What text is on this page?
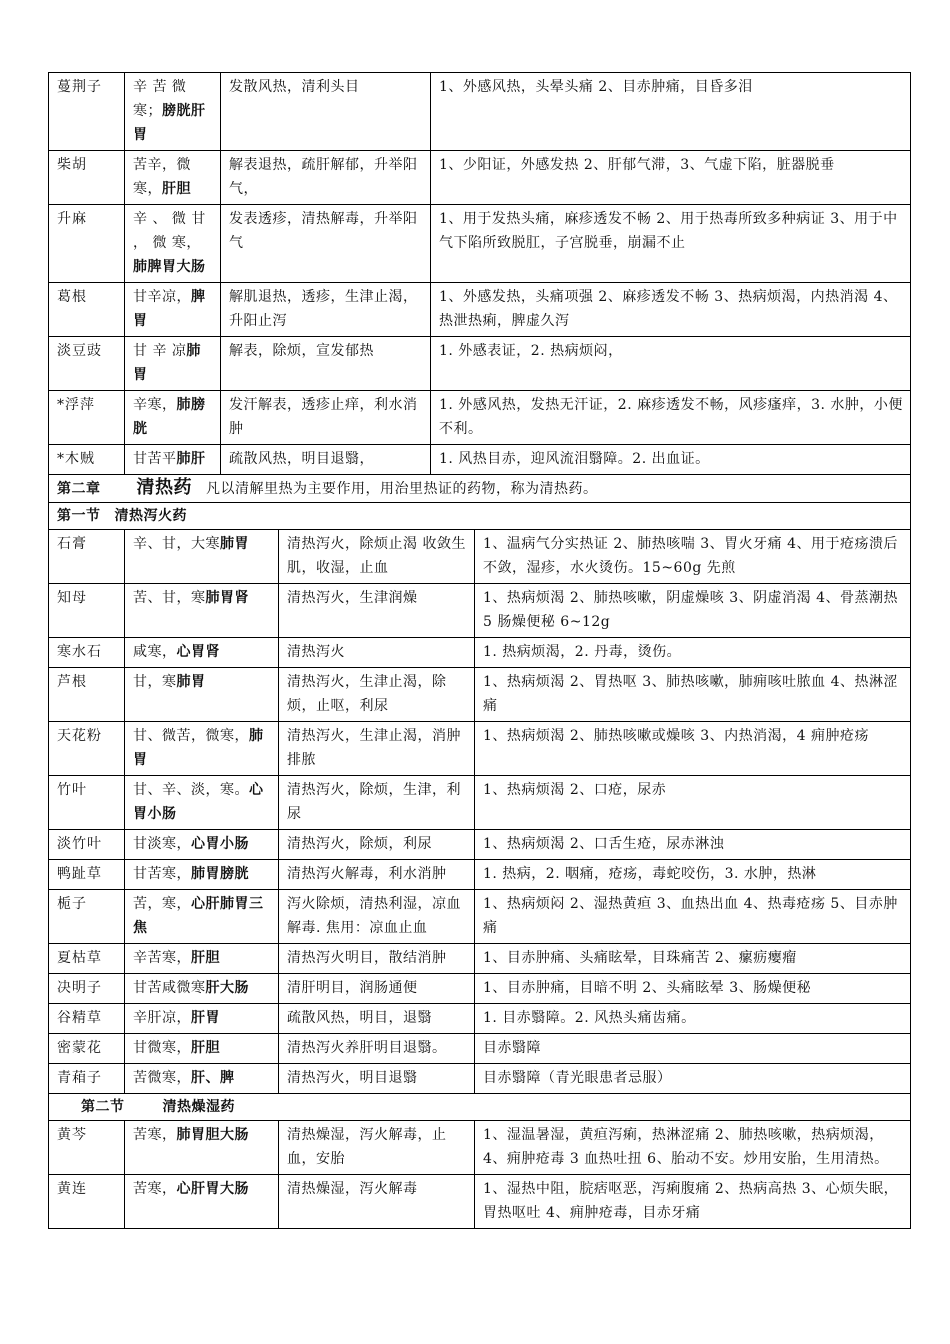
蔓荆子	辛 苦 微 寒；膀胱肝胃	发散风热，清利头目		1、外感风热，头晕头痛 2、目赤肿痛，目昏多泪	
柴胡	苦辛，微寒，肝胆	解表退热，疏肝解郁，升举阳气，		1、少阳证，外感发热 2、肝郁气滞，3、气虚下陷，脏器脱垂	
升麻	辛 、 微 甘 ， 微 寒，肺脾胃大肠	发表透疹，清热解毒，升举阳气		1、用于发热头痛，麻疹透发不畅 2、用于热毒所致多种病证 3、用于中气下陷所致脱肛，子宫脱垂，崩漏不止	
葛根	甘辛凉，脾胃	解肌退热，透疹，生津止渴，升阳止泻		1、外感发热，头痛项强 2、麻疹透发不畅 3、热病烦渴，内热消渴 4、热泄热痢，脾虚久泻	
淡豆豉	甘 辛 凉肺胃	解表，除烦，宣发郁热		1. 外感表证，2. 热病烦闷，	
*浮萍	辛寒，肺膀胱	发汗解表，透疹止痒，利水消肿		1. 外感风热，发热无汗证，2. 麻疹透发不畅，风疹瘙痒，3. 水肿，小便不利。	
*木贼	甘苦平肺肝	疏散风热，明目退翳，		1. 风热目赤，迎风流泪翳障。2. 出血证。	
第二章 清热药 凡以清解里热为主要作用，用治里热证的药物，称为清热药。					
第一节 清热泻火药					
石膏	辛、甘，大寒肺胃		清热泻火，除烦止渴 收敛生肌，收湿，止血		1、温病气分实热证 2、肺热咳喘 3、胃火牙痛 4、用于疮疡溃后不敛，湿疹，水火烫伤。15~60g 先煎
知母	苦、甘，寒肺胃肾		清热泻火，生津润燥		1、热病烦渴 2、肺热咳嗽，阴虚燥咳 3、阴虚消渴 4、骨蒸潮热 5 肠燥便秘 6~12g
寒水石	咸寒，心胃肾		清热泻火		1. 热病烦渴，2. 丹毒，烫伤。
芦根	甘，寒肺胃		清热泻火，生津止渴，除烦，止呕，利尿		1、热病烦渴 2、胃热呕 3、肺热咳嗽，肺痈咳吐脓血 4、热淋涩痛
天花粉	甘、微苦，微寒，肺胃		清热泻火，生津止渴，消肿排脓		1、热病烦渴 2、肺热咳嗽或燥咳 3、内热消渴，4 痈肿疮疡
竹叶	甘、辛、淡，寒。心胃小肠		清热泻火，除烦，生津，利尿		1、热病烦渴 2、口疮，尿赤
淡竹叶	甘淡寒，心胃小肠		清热泻火，除烦，利尿		1、热病烦渴 2、口舌生疮，尿赤淋浊
鸭趾草	甘苦寒，肺胃膀胱		清热泻火解毒，利水消肿		1. 热病，2. 咽痛，疮疡，毒蛇咬伤，3. 水肿，热淋
栀子	苦，寒，心肝肺胃三焦		泻火除烦，清热利湿，凉血解毒. 焦用：凉血止血		1、热病烦闷 2、湿热黄疸 3、血热出血 4、热毒疮疡 5、目赤肿痛
夏枯草	辛苦寒，肝胆		清热泻火明目，散结消肿		1、目赤肿痛、头痛眩晕，目珠痛苦 2、瘰疬瘿瘤
决明子	甘苦咸微寒肝大肠		清肝明目，润肠通便		1、目赤肿痛，目暗不明 2、头痛眩晕 3、肠燥便秘
谷精草	辛肝凉，肝胃		疏散风热，明目，退翳		1. 目赤翳障。2. 风热头痛齿痛。
密蒙花	甘微寒，肝胆		清热泻火养肝明目退翳。		目赤翳障
青葙子	苦微寒，肝、脾		清热泻火，明目退翳		目赤翳障（青光眼患者忌服）
第二节 清热燥湿药					
黄芩	苦寒，肺胃胆大肠		清热燥湿，泻火解毒，止血，安胎		1、湿温暑湿，黄疸泻痢，热淋涩痛 2、肺热咳嗽，热病烦渴，4、痈肿疮毒 3 血热吐扭 6、胎动不安。炒用安胎，生用清热。
黄连	苦寒，心肝胃大肠		清热燥湿，泻火解毒		1、湿热中阻，脘痞呕恶，泻痢腹痛 2、热病高热 3、心烦失眠，胃热呕吐 4、痈肿疮毒，目赤牙痛
